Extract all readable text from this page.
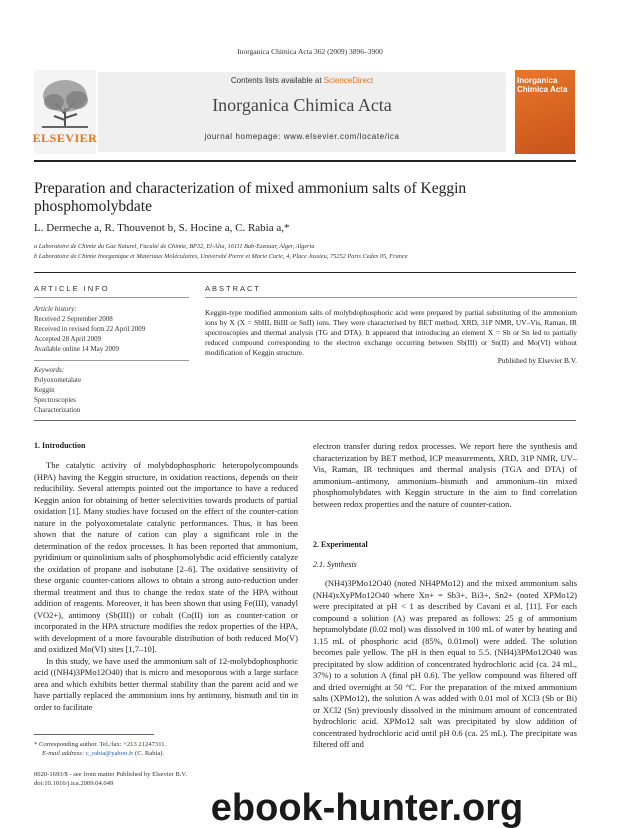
Inorganica Chimica Acta 362 (2009) 3896–3900
Contents lists available at ScienceDirect
Inorganica Chimica Acta
journal homepage: www.elsevier.com/locate/ica
ELSEVIER
Inorganica
Chimica Acta
Preparation and characterization of mixed ammonium salts of Keggin phosphomolybdate
L. Dermeche a, R. Thouvenot b, S. Hocine a, C. Rabia a,*
a Laboratoire de Chimie du Gaz Naturel, Faculté de Chimie, BP32, El-Alia, 16111 Bab-Ezzouar, Alger, Algeria
b Laboratoire de Chimie Inorganique et Matériaux Moléculaires, Université Pierre et Marie Curie, 4, Place Jussieu, 75252 Paris Cedex 05, France
ARTICLE INFO
Article history:
Received 2 September 2008
Received in revised form 22 April 2009
Accepted 28 April 2009
Available online 14 May 2009
Keywords:
Polyoxometalate
Keggin
Spectroscopies
Characterization
ABSTRACT
Keggin-type modified ammonium salts of molybdophosphoric acid were prepared by partial substituting of the ammonium ions by X (X = SbIII, BiIII or SnII) ions. They were characterised by BET method, XRD, 31P NMR, UV–Vis, Raman, IR spectroscopies and thermal analysis (TG and DTA). It appeared that introducing an element X = Sb or Sn led to partially reduced compound corresponding to the electron exchange occurring between Sb(III) or Sn(II) and Mo(VI) without modification of Keggin structure.
Published by Elsevier B.V.
1. Introduction

The catalytic activity of molybdophosphoric heteropolycompounds (HPA) having the Keggin structure, in oxidation reactions, depends on their reducibility. Several attempts pointed out the importance to have a reduced Keggin anion for obtaining of better selectivities towards products of partial oxidation [1]. Many studies have focused on the effect of the counter-cation nature in the polyoxometalate catalytic performances. Thus, it has been shown that the nature of cation can play a significant role in the determination of the redox processes. It has been reported that ammonium, pyridinium or quinolinium salts of phosphomolybdic acid efficiently catalyze the oxidation of propane and isobutane [2–6]. The oxidative sensitivity of these organic counter-cations allows to obtain a strong auto-reduction under thermal treatment and thus to change the redox state of the HPA without addition of reagents. Moreover, it has been shown that using Fe(III), vanadyl (VO2+), antimony (Sb(III)) or cobalt (Co(II) ion as counter-cation or incorporated in the HPA structure modifies the redox properties of the HPA, with development of a more favourable distribution of both reduced Mo(V) and oxidized Mo(VI) sites [1,7–10].

In this study, we have used the ammonium salt of 12-molybdophosphoric acid ((NH4)3PMo12O40) that is micro and mesoporous with a large surface area and which exhibits better thermal stability than the parent acid and we have partially replaced the ammonium ions by antimony, bismuth and tin in order to facilitate

electron transfer during redox processes. We report here the synthesis and characterization by BET method, ICP measurements, XRD, 31P NMR, UV–Vis, Raman, IR techniques and thermal analysis (TGA and DTA) of ammonium–antimony, ammonium–bismuth and ammonium–tin mixed phosphomolybdates with Keggin structure in the aim to find correlation between redox properties and the nature of counter-cation.

2. Experimental
2.1. Synthesis

(NH4)3PMo12O40 (noted NH4PMo12) and the mixed ammonium salts (NH4)xXyPMo12O40 where Xn+ = Sb3+, Bi3+, Sn2+ (noted XPMo12) were precipitated at pH < 1 as described by Cavani et al. [11]. For each compound a solution (A) was prepared as follows: 25 g of ammonium heptamolybdate (0.02 mol) was dissolved in 100 mL of water by heating and 1.15 mL of phosphoric acid (85%, 0.01mol) were added. The solution becomes pale yellow. The pH is then equal to 5.5. (NH4)3PMo12O40 was precipitated by slow addition of concentrated hydrochloric acid (ca. 24 mL, 37%) to a solution A (final pH 0.6). The yellow compound was filtered off and dried overnight at 50 °C. For the preparation of the mixed ammonium salts (XPMo12), the solution A was added with 0.01 mol of XCl3 (Sb or Bi) or XCl2 (Sn) previously dissolved in the minimum amount of concentrated hydrochloric acid. XPMo12 salt was precipitated by slow addition of concentrated hydrochloric acid until pH 0.6 (ca. 25 mL). The precipitate was filtered off and

* Corresponding author. Tel./fax: +213 21247311.
E-mail address: c_rabia@yahoo.fr (C. Rabia).
0020-1693/$ - see front matter Published by Elsevier B.V.
doi:10.1016/j.ica.2009.04.049
ebook-hunter.org
